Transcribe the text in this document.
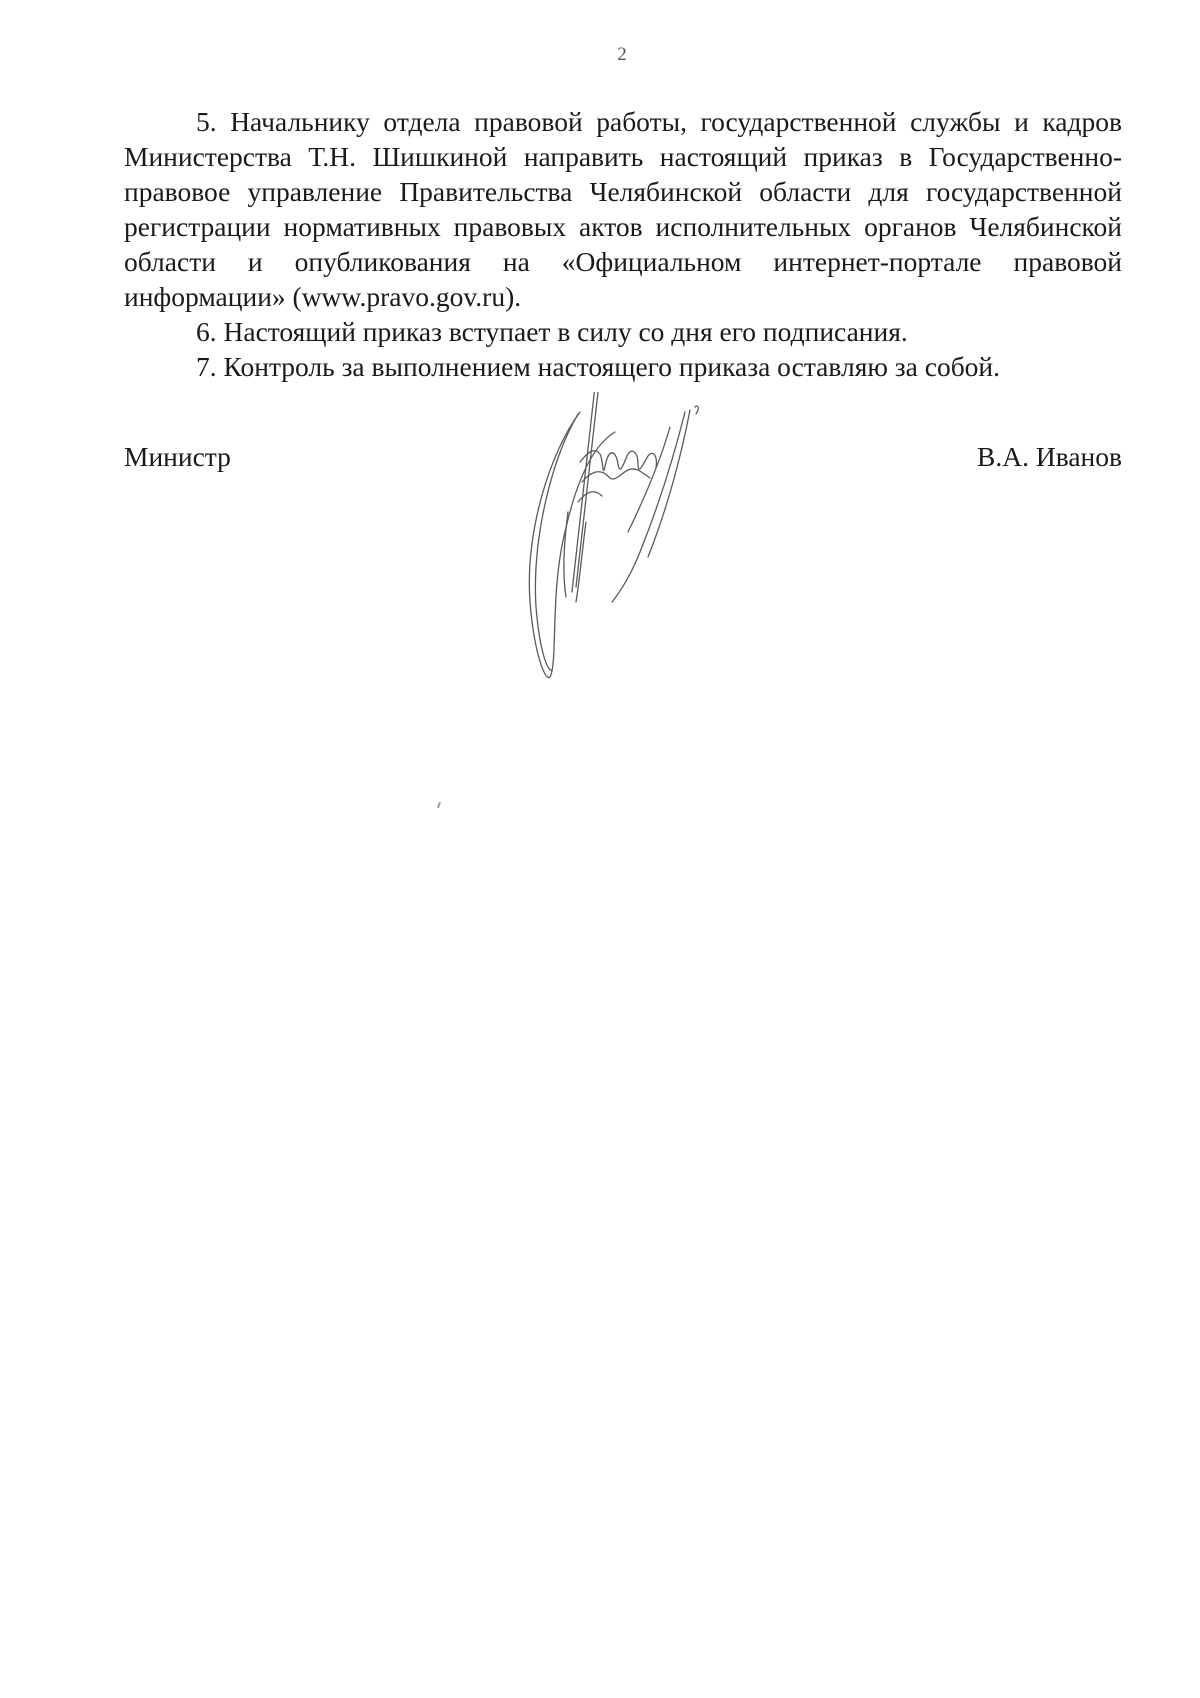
2

5. Начальнику отдела правовой работы, государственной службы и кадров Министерства Т.Н. Шишкиной направить настоящий приказ в Государственно-правовое управление Правительства Челябинской области для государственной регистрации нормативных правовых актов исполнительных органов Челябинской области и опубликования на «Официальном интернет-портале правовой информации» (www.pravo.gov.ru).

6. Настоящий приказ вступает в силу со дня его подписания.

7. Контроль за выполнением настоящего приказа оставляю за собой.

Министр	В.А. Иванов
